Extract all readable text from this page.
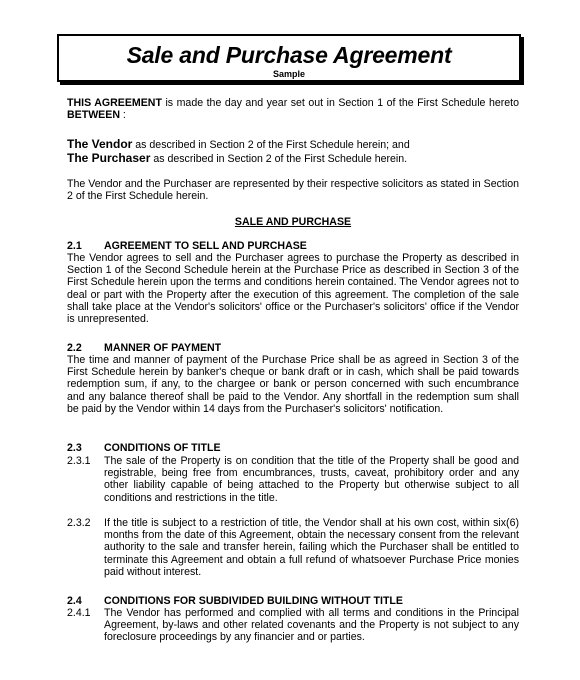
Sale and Purchase Agreement
Sample
THIS AGREEMENT is made the day and year set out in Section 1 of the First Schedule hereto BETWEEN :
The Vendor as described in Section 2 of the First Schedule herein; and
The Purchaser as described in Section 2 of the First Schedule herein.
The Vendor and the Purchaser are represented by their respective solicitors as stated in Section 2 of the First Schedule herein.
SALE AND PURCHASE
2.1 AGREEMENT TO SELL AND PURCHASE
The Vendor agrees to sell and the Purchaser agrees to purchase the Property as described in Section 1 of the Second Schedule herein at the Purchase Price as described in Section 3 of the First Schedule herein upon the terms and conditions herein contained. The Vendor agrees not to deal or part with the Property after the execution of this agreement. The completion of the sale shall take place at the Vendor's solicitors' office or the Purchaser's solicitors' office if the Vendor is unrepresented.
2.2 MANNER OF PAYMENT
The time and manner of payment of the Purchase Price shall be as agreed in Section 3 of the First Schedule herein by banker's cheque or bank draft or in cash, which shall be paid towards redemption sum, if any, to the chargee or bank or person concerned with such encumbrance and any balance thereof shall be paid to the Vendor. Any shortfall in the redemption sum shall be paid by the Vendor within 14 days from the Purchaser's solicitors' notification.
2.3 CONDITIONS OF TITLE
2.3.1 The sale of the Property is on condition that the title of the Property shall be good and registrable, being free from encumbrances, trusts, caveat, prohibitory order and any other liability capable of being attached to the Property but otherwise subject to all conditions and restrictions in the title.
2.3.2 If the title is subject to a restriction of title, the Vendor shall at his own cost, within six(6) months from the date of this Agreement, obtain the necessary consent from the relevant authority to the sale and transfer herein, failing which the Purchaser shall be entitled to terminate this Agreement and obtain a full refund of whatsoever Purchase Price monies paid without interest.
2.4 CONDITIONS FOR SUBDIVIDED BUILDING WITHOUT TITLE
2.4.1 The Vendor has performed and complied with all terms and conditions in the Principal Agreement, by-laws and other related covenants and the Property is not subject to any foreclosure proceedings by any financier and or parties.
